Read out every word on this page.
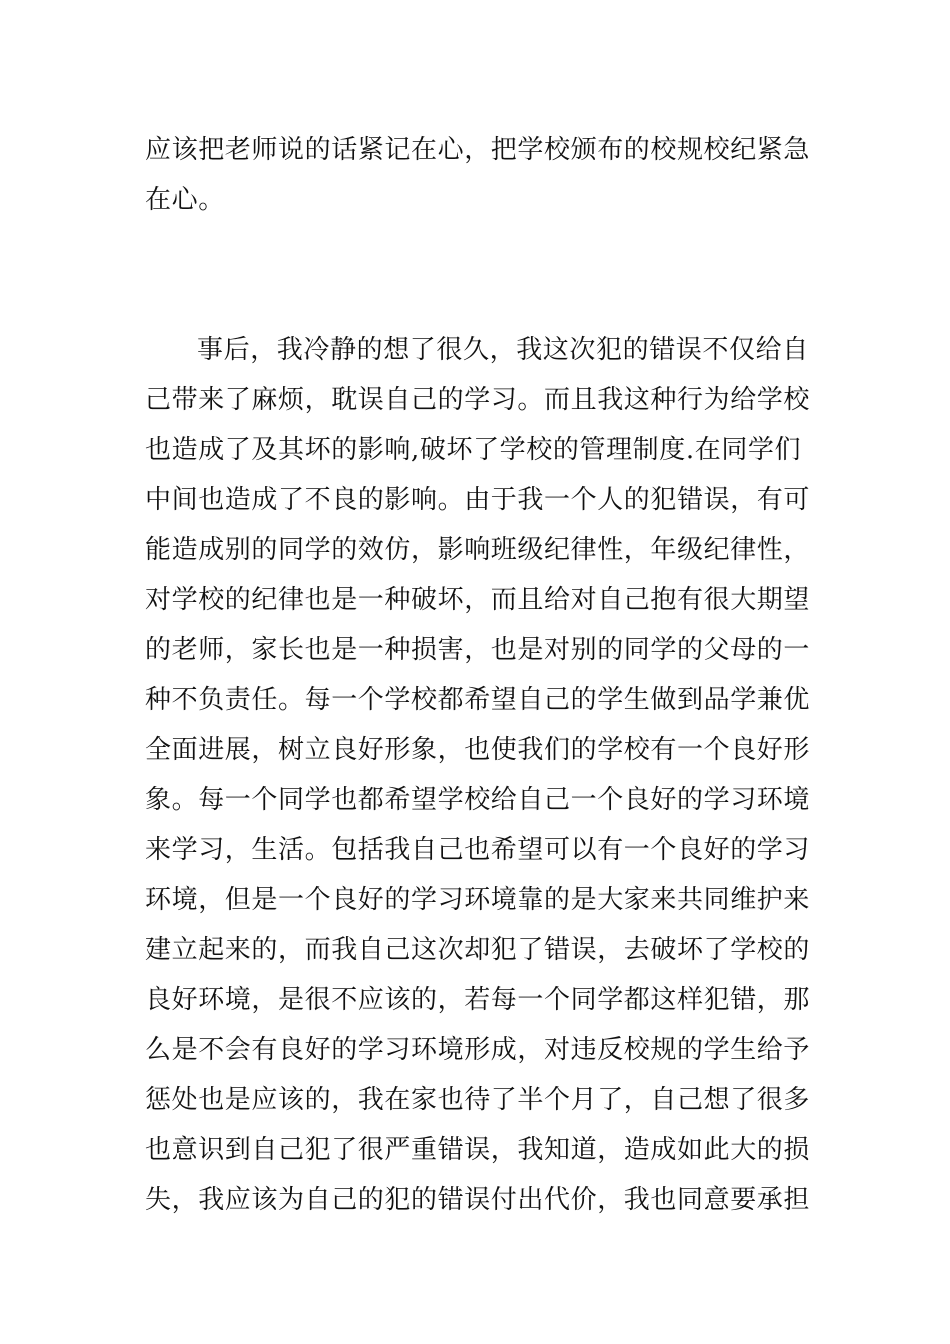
应该把老师说的话紧记在心，把学校颁布的校规校纪紧急
在心。
事后，我冷静的想了很久，我这次犯的错误不仅给自
己带来了麻烦，耽误自己的学习。而且我这种行为给学校
也造成了及其坏的影响,破坏了学校的管理制度.在同学们
中间也造成了不良的影响。由于我一个人的犯错误，有可
能造成别的同学的效仿，影响班级纪律性，年级纪律性，
对学校的纪律也是一种破坏，而且给对自己抱有很大期望
的老师，家长也是一种损害，也是对别的同学的父母的一
种不负责任。每一个学校都希望自己的学生做到品学兼优
全面进展，树立良好形象，也使我们的学校有一个良好形
象。每一个同学也都希望学校给自己一个良好的学习环境
来学习，生活。包括我自己也希望可以有一个良好的学习
环境，但是一个良好的学习环境靠的是大家来共同维护来
建立起来的，而我自己这次却犯了错误，去破坏了学校的
良好环境，是很不应该的，若每一个同学都这样犯错，那
么是不会有良好的学习环境形成，对违反校规的学生给予
惩处也是应该的，我在家也待了半个月了，自己想了很多
也意识到自己犯了很严重错误，我知道，造成如此大的损
失，我应该为自己的犯的错误付出代价，我也同意要承担
